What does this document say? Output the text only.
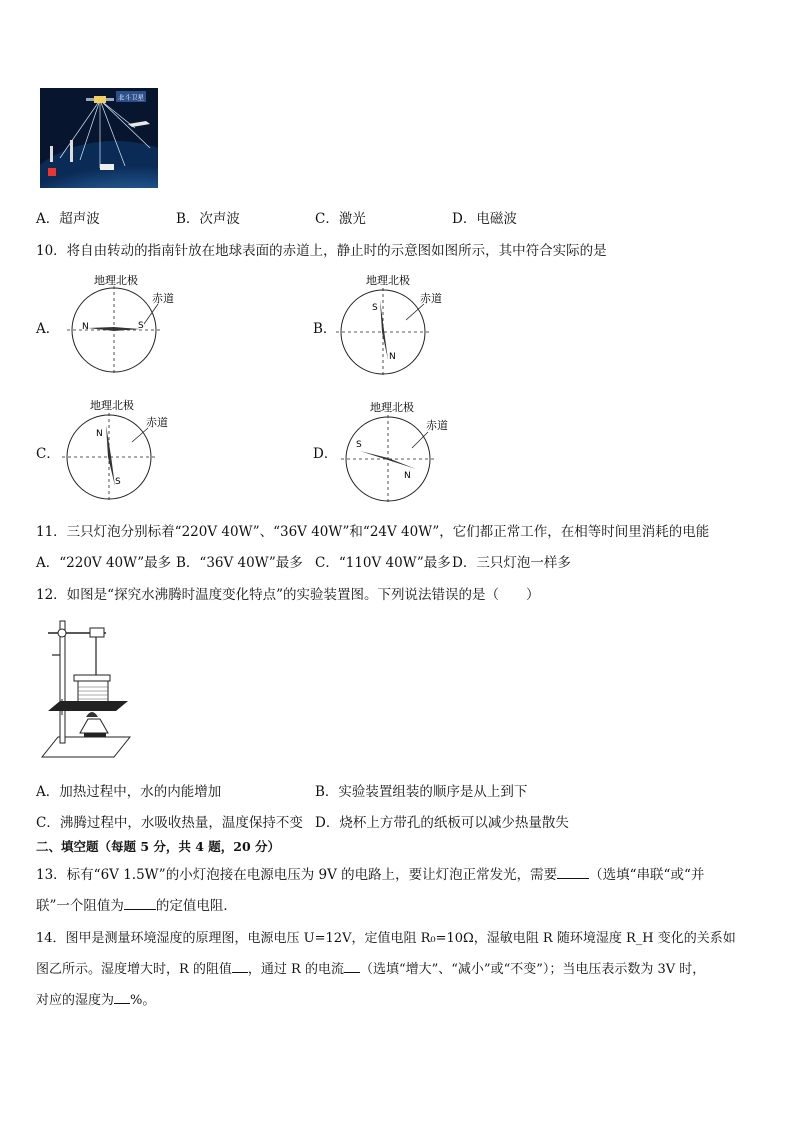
北斗卫星
A．超声波	B．次声波	C．激光	D．电磁波
10．将自由转动的指南针放在地球表面的赤道上，静止时的示意图如图所示，其中符合实际的是
A．
地理北极
N	S
赤道
B．
地理北极
S
N
赤道
C．
地理北极
N
S
赤道
D．
地理北极
S
N
赤道
11．三只灯泡分别标着“220V 40W”、“36V 40W”和“24V 40W”，它们都正常工作，在相等时间里消耗的电能
A．“220V 40W”最多 B．“36V 40W”最多 C．“110V 40W”最多 D．三只灯泡一样多
12．如图是“探究水沸腾时温度变化特点”的实验装置图。下列说法错误的是（　　）
A．加热过程中，水的内能增加	B．实验装置组装的顺序是从上到下
C．沸腾过程中，水吸收热量，温度保持不变 D．烧杯上方带孔的纸板可以减少热量散失
二、填空题（每题 5 分，共 4 题，20 分）
13．标有“6V 1.5W”的小灯泡接在电源电压为 9V 的电路上，要让灯泡正常发光，需要 （选填“串联“或“并
联”一个阻值为 的定值电阻．
14．图甲是测量环境湿度的原理图，电源电压 U=12V，定值电阻 R₀=10Ω，湿敏电阻 R 随环境湿度 R_H 变化的关系如
图乙所示。湿度增大时，R 的阻值 ，通过 R 的电流 （选填“增大”、“减小”或“不变”）；当电压表示数为 3V 时，
对应的湿度为 %。
